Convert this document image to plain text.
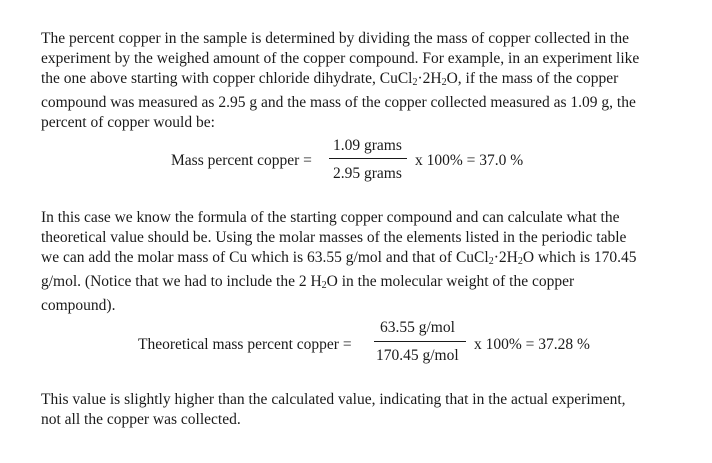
The percent copper in the sample is determined by dividing the mass of copper collected in the
experiment by the weighed amount of the copper compound. For example, in an experiment like
the one above starting with copper chloride dihydrate, $CuCl_2\cdot 2H_2O$, if the mass of the copper
compound was measured as 2.95 g and the mass of the copper collected measured as 1.09 g, the
percent of copper would be:
Mass percent copper =
1.09 grams
2.95 grams
x 100% = 37.0 %
In this case we know the formula of the starting copper compound and can calculate what the
theoretical value should be. Using the molar masses of the elements listed in the periodic table
we can add the molar mass of Cu which is 63.55 g/mol and that of $CuCl_2\cdot 2H_2O$ which is 170.45
g/mol. (Notice that we had to include the 2 $H_2O$ in the molecular weight of the copper
compound).
Theoretical mass percent copper =
63.55 g/mol
170.45 g/mol
x 100% = 37.28 %
This value is slightly higher than the calculated value, indicating that in the actual experiment,
not all the copper was collected.
